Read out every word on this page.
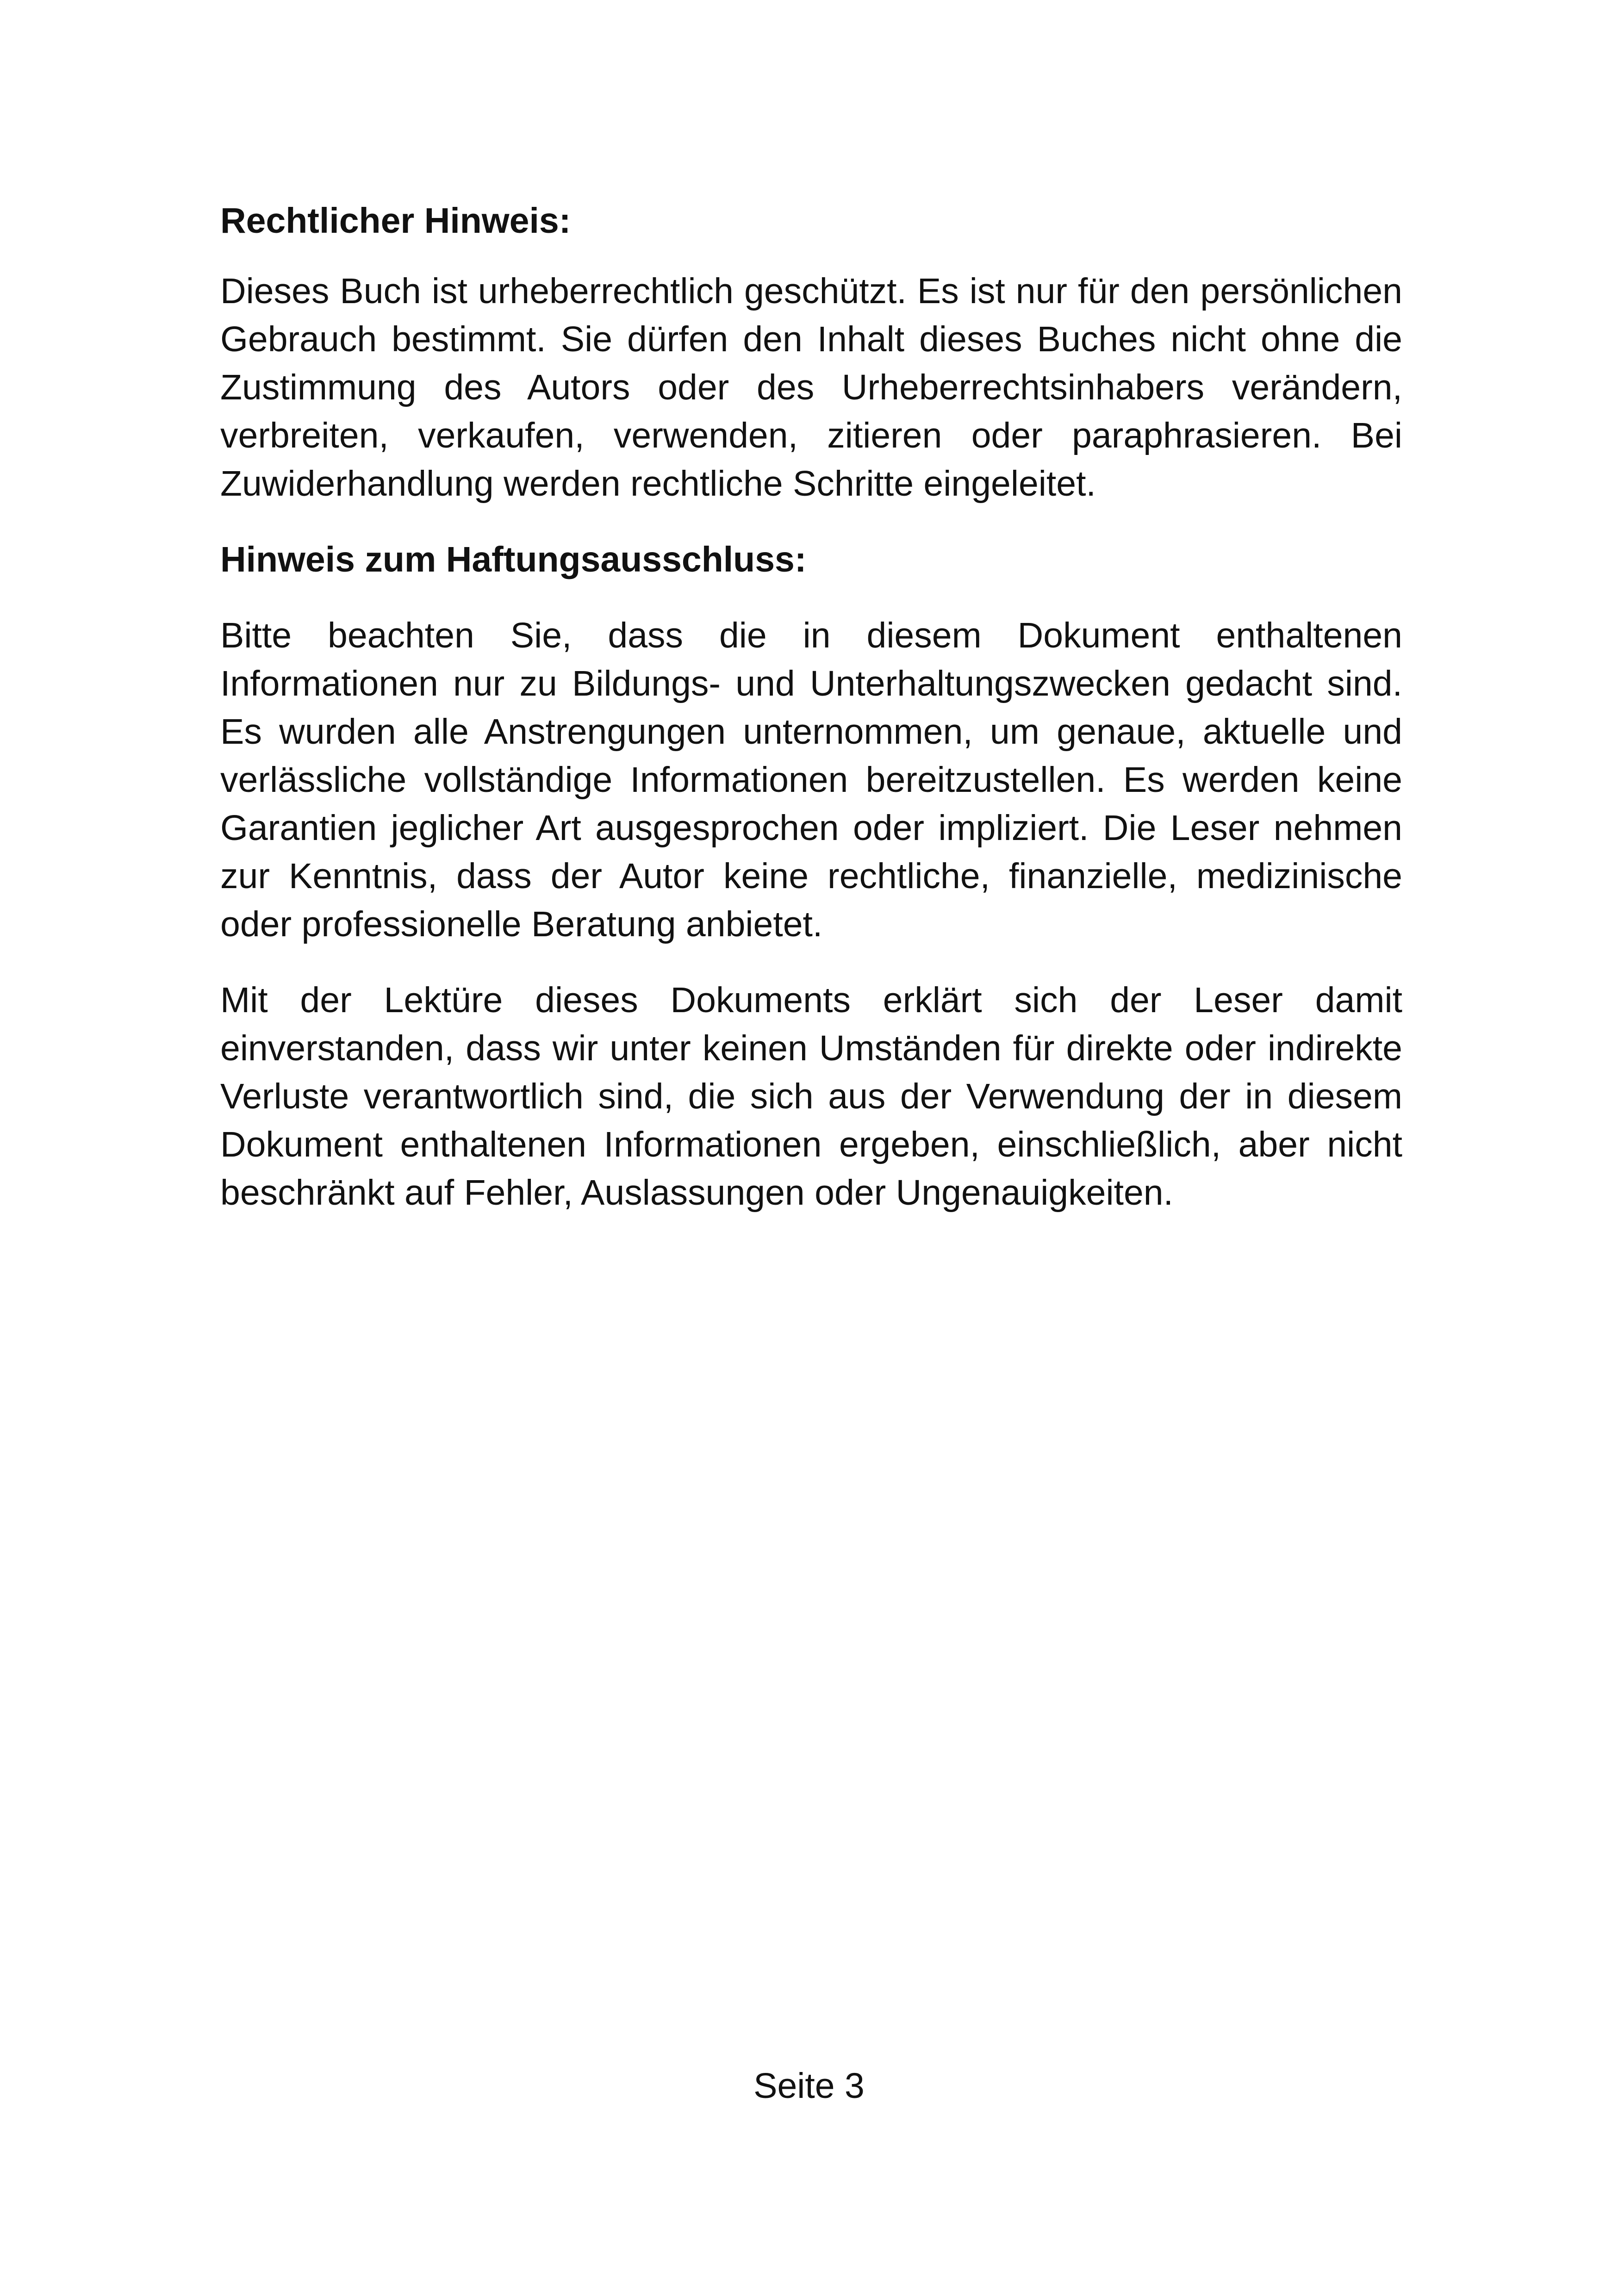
Rechtlicher Hinweis:

Dieses Buch ist urheberrechtlich geschützt. Es ist nur für den persönlichen Gebrauch bestimmt. Sie dürfen den Inhalt dieses Buches nicht ohne die Zustimmung des Autors oder des Urheberrechtsinhabers verändern, verbreiten, verkaufen, verwenden, zitieren oder paraphrasieren. Bei Zuwiderhandlung werden rechtliche Schritte eingeleitet.

Hinweis zum Haftungsausschluss:

Bitte beachten Sie, dass die in diesem Dokument enthaltenen Informationen nur zu Bildungs- und Unterhaltungszwecken gedacht sind. Es wurden alle Anstrengungen unternommen, um genaue, aktuelle und verlässliche vollständige Informationen bereitzustellen. Es werden keine Garantien jeglicher Art ausgesprochen oder impliziert. Die Leser nehmen zur Kenntnis, dass der Autor keine rechtliche, finanzielle, medizinische oder professionelle Beratung anbietet.

Mit der Lektüre dieses Dokuments erklärt sich der Leser damit einverstanden, dass wir unter keinen Umständen für direkte oder indirekte Verluste verantwortlich sind, die sich aus der Verwendung der in diesem Dokument enthaltenen Informationen ergeben, einschließlich, aber nicht beschränkt auf Fehler, Auslassungen oder Ungenauigkeiten.

Seite 3
